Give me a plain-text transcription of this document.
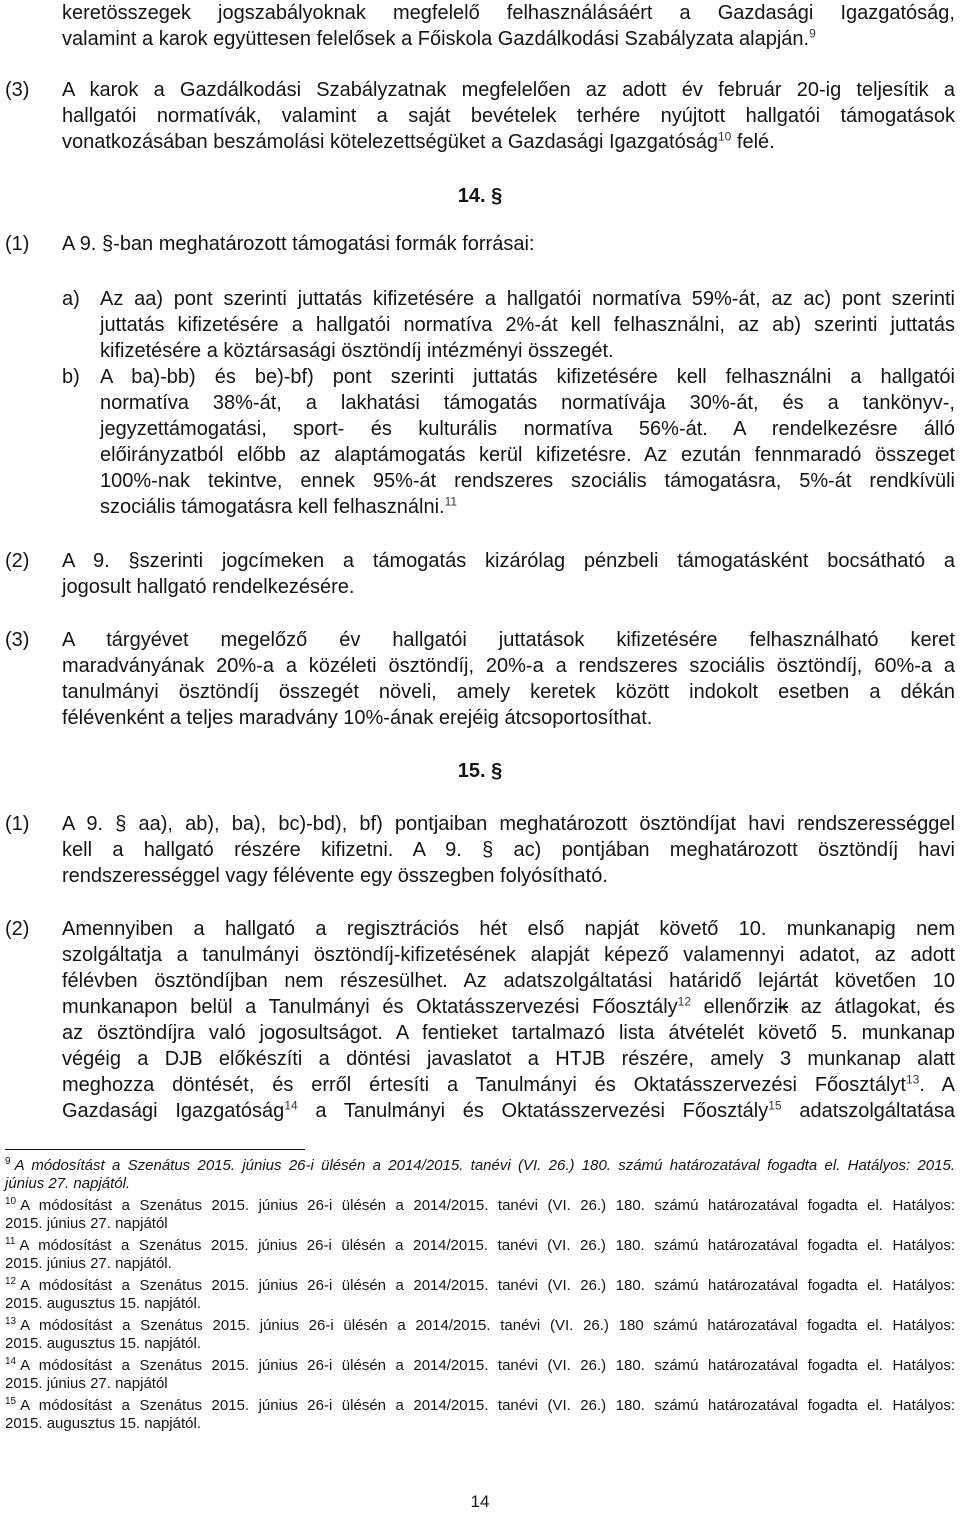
keretösszegek jogszabályoknak megfelelő felhasználásáért a Gazdasági Igazgatóság,
valamint a karok együttesen felelősek a Főiskola Gazdálkodási Szabályzata alapján.$^9$
(3) A karok a Gazdálkodási Szabályzatnak megfelelően az adott év február 20-ig teljesítik a
hallgatói normatívák, valamint a saját bevételek terhére nyújtott hallgatói támogatások
vonatkozásában beszámolási kötelezettségüket a Gazdasági Igazgatóság$^{10}$ felé.
14. §
(1) A 9. §-ban meghatározott támogatási formák forrásai:
a) Az aa) pont szerinti juttatás kifizetésére a hallgatói normatíva 59%-át, az ac) pont szerinti
juttatás kifizetésére a hallgatói normatíva 2%-át kell felhasználni, az ab) szerinti juttatás
kifizetésére a köztársasági ösztöndíj intézményi összegét.
b) A ba)-bb) és be)-bf) pont szerinti juttatás kifizetésére kell felhasználni a hallgatói
normatíva 38%-át, a lakhatási támogatás normatívája 30%-át, és a tankönyv-,
jegyzettámogatási, sport- és kulturális normatíva 56%-át. A rendelkezésre álló
előirányzatból előbb az alaptámogatás kerül kifizetésre. Az ezután fennmaradó összeget
100%-nak tekintve, ennek 95%-át rendszeres szociális támogatásra, 5%-át rendkívüli
szociális támogatásra kell felhasználni.$^{11}$
(2) A 9. §szerinti jogcímeken a támogatás kizárólag pénzbeli támogatásként bocsátható a
jogosult hallgató rendelkezésére.
(3) A tárgyévet megelőző év hallgatói juttatások kifizetésére felhasználható keret
maradványának 20%-a a közéleti ösztöndíj, 20%-a a rendszeres szociális ösztöndíj, 60%-a a
tanulmányi ösztöndíj összegét növeli, amely keretek között indokolt esetben a dékán
félévenként a teljes maradvány 10%-ának erejéig átcsoportosíthat.
15. §
(1) A 9. § aa), ab), ba), bc)-bd), bf) pontjaiban meghatározott ösztöndíjat havi rendszerességgel
kell a hallgató részére kifizetni. A 9. § ac) pontjában meghatározott ösztöndíj havi
rendszerességgel vagy félévente egy összegben folyósítható.
(2) Amennyiben a hallgató a regisztrációs hét első napját követő 10. munkanapig nem
szolgáltatja a tanulmányi ösztöndíj-kifizetésének alapját képező valamennyi adatot, az adott
félévben ösztöndíjban nem részesülhet. Az adatszolgáltatási határidő lejártát követően 10
munkanapon belül a Tanulmányi és Oktatásszervezési Főosztály$^{12}$ ellenőrzik az átlagokat, és
az ösztöndíjra való jogosultságot. A fentieket tartalmazó lista átvételét követő 5. munkanap
végéig a DJB előkészíti a döntési javaslatot a HTJB részére, amely 3 munkanap alatt
meghozza döntését, és erről értesíti a Tanulmányi és Oktatásszervezési Főosztályt$^{13}$. A
Gazdasági Igazgatóság$^{14}$ a Tanulmányi és Oktatásszervezési Főosztály$^{15}$ adatszolgáltatása
$^9$ A módosítást a Szenátus 2015. június 26-i ülésén a 2014/2015. tanévi (VI. 26.) 180. számú határozatával fogadta el. Hatályos: 2015.
június 27. napjától.
$^{10}$ A módosítást a Szenátus 2015. június 26-i ülésén a 2014/2015. tanévi (VI. 26.) 180. számú határozatával fogadta el. Hatályos:
2015. június 27. napjától
$^{11}$ A módosítást a Szenátus 2015. június 26-i ülésén a 2014/2015. tanévi (VI. 26.) 180. számú határozatával fogadta el. Hatályos:
2015. június 27. napjától.
$^{12}$ A módosítást a Szenátus 2015. június 26-i ülésén a 2014/2015. tanévi (VI. 26.) 180. számú határozatával fogadta el. Hatályos:
2015. augusztus 15. napjától.
$^{13}$ A módosítást a Szenátus 2015. június 26-i ülésén a 2014/2015. tanévi (VI. 26.) 180 számú határozatával fogadta el. Hatályos:
2015. augusztus 15. napjától.
$^{14}$ A módosítást a Szenátus 2015. június 26-i ülésén a 2014/2015. tanévi (VI. 26.) 180. számú határozatával fogadta el. Hatályos:
2015. június 27. napjától
$^{15}$ A módosítást a Szenátus 2015. június 26-i ülésén a 2014/2015. tanévi (VI. 26.) 180. számú határozatával fogadta el. Hatályos:
2015. augusztus 15. napjától.
14
